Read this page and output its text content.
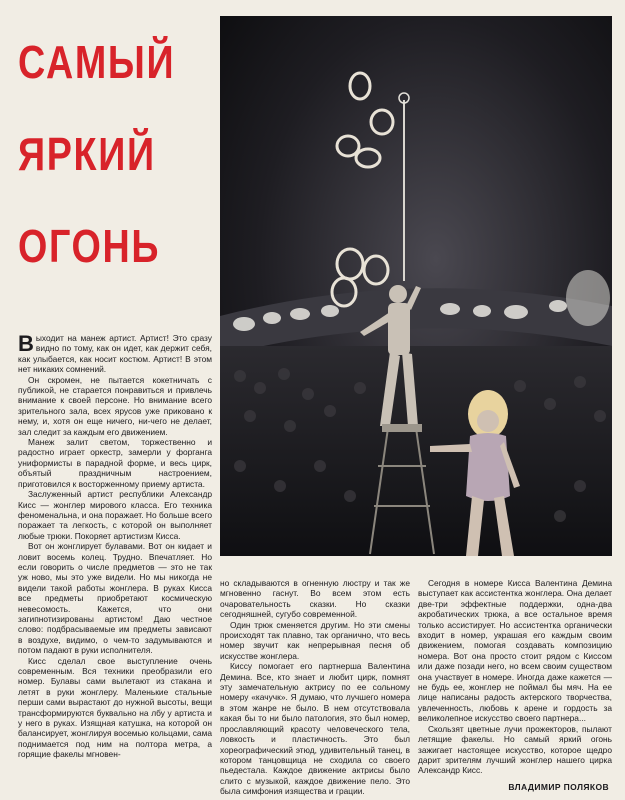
САМЫЙ
ЯРКИЙ
ОГОНЬ

Выходит на манеж артист. Артист! Это сразу видно по тому, как он идет, как держит себя, как улыбается, как носит костюм. Артист! В этом нет никаких сомнений.

Он скромен, не пытается кокетничать с публикой, не старается понравиться и привлечь внимание к своей персоне. Но внимание всего зрительного зала, всех ярусов уже приковано к нему, и, хотя он еще ничего, ни-чего не делает, зал следит за каждым его движением.

Манеж залит светом, торжественно и радостно играет оркестр, замерли у форганга униформисты в парадной форме, и весь цирк, объятый праздничным настроением, приготовился к восторженному приему артиста.

Заслуженный артист республики Александр Кисс — жонглер мирового класса. Его техника феноменальна, и она поражает. Но больше всего поражает та легкость, с которой он выполняет любые трюки. Покоряет артистизм Кисса.

Вот он жонглирует булавами. Вот он кидает и ловит восемь колец. Трудно. Впечатляет. Но если говорить о числе предметов — это не так уж ново, мы это уже видели. Но мы никогда не видели такой работы жонглера. В руках Кисса все предметы приобретают космическую невесомость. Кажется, что они загипнотизированы артистом! Даю честное слово: подбрасываемые им предметы зависают в воздухе, видимо, о чем-то задумываются и потом падают в руки исполнителя.

Кисс сделал свое выступление очень современным. Вся техники преобразили его номер. Булавы сами вылетают из стакана и летят в руки жонглеру. Маленькие стальные перши сами вырастают до нужной высоты, вещи трансформируются буквально на лбу у артиста и у него в руках. Изящная катушка, на которой он балансирует, жонглируя восемью кольцами, сама поднимается под ним на полтора метра, а горящие факелы мгновен-

но складываются в огненную люстру и так же мгновенно гаснут. Во всем этом есть очаровательность сказки. Но сказки сегодняшней, сугубо современной.

Один трюк сменяется другим. Но эти смены происходят так плавно, так органично, что весь номер звучит как непрерывная песня об искусстве жонглера.

Киссу помогает его партнерша Валентина Демина. Все, кто знает и любит цирк, помнят эту замечательную актрису по ее сольному номеру «качучк». Я думаю, что лучшего номера в этом жанре не было. В нем отсутствовала какая бы то ни было патология, это был номер, прославляющий красоту человеческого тела, ловкость и пластичность. Это был хореографический этюд, удивительный танец, в котором танцовщица не сходила со своего пьедестала. Каждое движение актрисы было слито с музыкой, каждое движение пело. Это была симфония изящества и грации.

Сегодня в номере Кисса Валентина Демина выступает как ассистентка жонглера. Она делает две-три эффектные поддержки, одна-два акробатических трюка, а все остальное время только ассистирует. Но ассистентка органически входит в номер, украшая его каждым своим движением, помогая создавать композицию номера. Вот она просто стоит рядом с Киссом или даже позади него, но всем своим существом она участвует в номере. Иногда даже кажется — не будь ее, жонглер не поймал бы мяч. На ее лице написаны радость актерского творчества, увлеченность, любовь к арене и гордость за великолепное искусство своего партнера...

Скользят цветные лучи прожекторов, пылают летящие факелы. Но самый яркий огонь зажигает настоящее искусство, которое щедро дарит зрителям лучший жонглер нашего цирка Александр Кисс.

ВЛАДИМИР ПОЛЯКОВ
